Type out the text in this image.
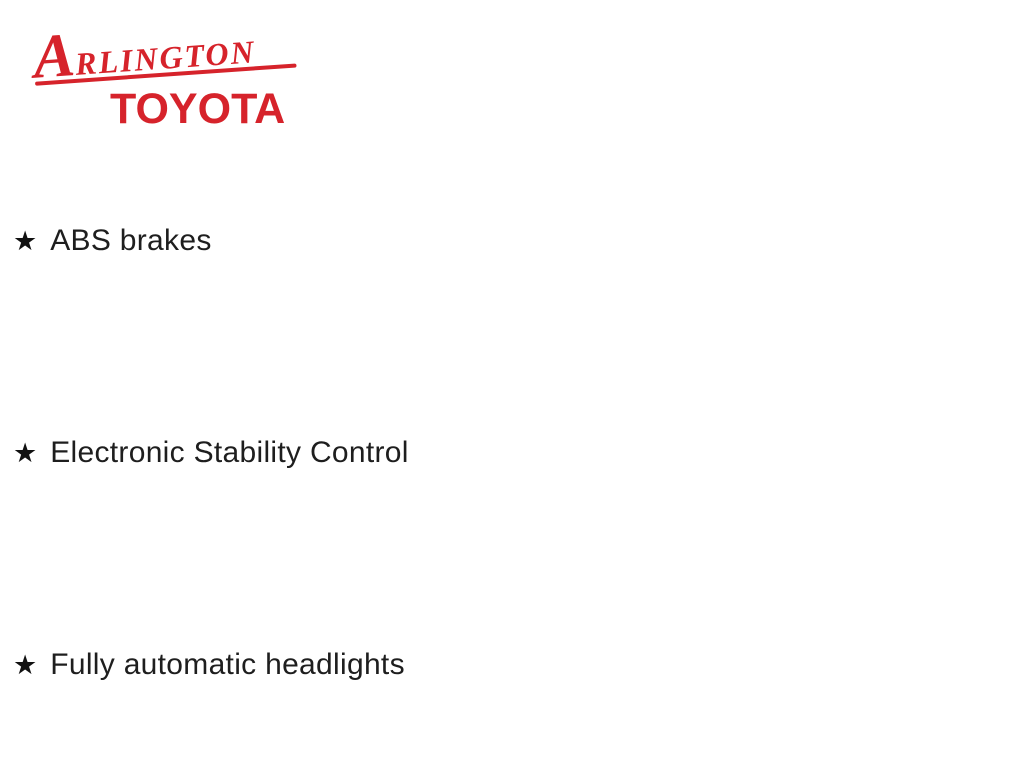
ARLINGTON
TOYOTA
★ ABS brakes
★ Electronic Stability Control
★ Fully automatic headlights
